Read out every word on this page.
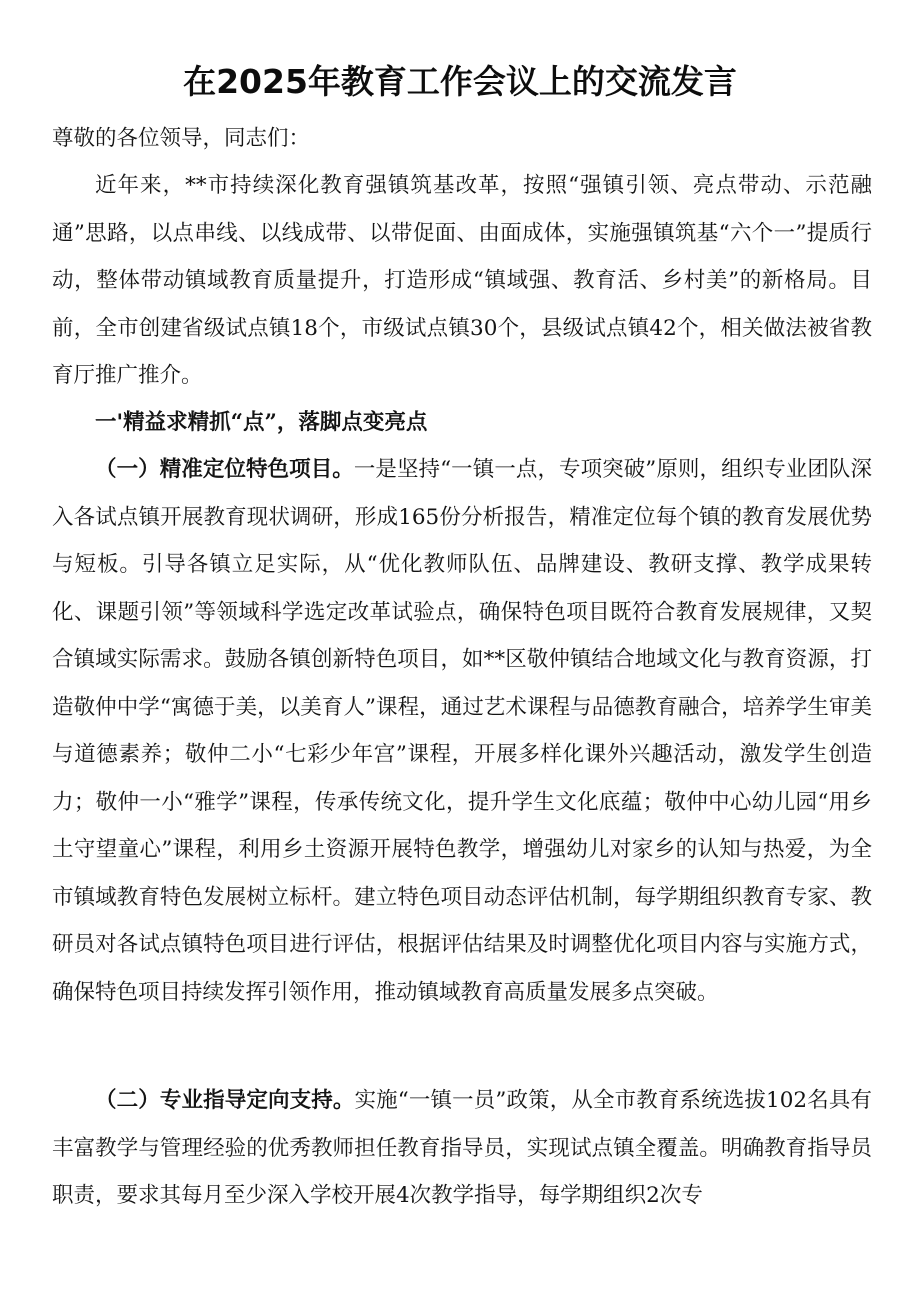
在2025年教育工作会议上的交流发言

尊敬的各位领导，同志们：

近年来，**市持续深化教育强镇筑基改革，按照“强镇引领、亮点带动、示范融通”思路，以点串线、以线成带、以带促面、由面成体，实施强镇筑基“六个一”提质行动，整体带动镇域教育质量提升，打造形成“镇域强、教育活、乡村美”的新格局。目前，全市创建省级试点镇18个，市级试点镇30个，县级试点镇42个，相关做法被省教育厅推广推介。

一'精益求精抓“点”，落脚点变亮点

（一）精准定位特色项目。一是坚持“一镇一点，专项突破”原则，组织专业团队深入各试点镇开展教育现状调研，形成165份分析报告，精准定位每个镇的教育发展优势与短板。引导各镇立足实际，从“优化教师队伍、品牌建设、教研支撑、教学成果转化、课题引领”等领域科学选定改革试验点，确保特色项目既符合教育发展规律，又契合镇域实际需求。鼓励各镇创新特色项目，如**区敬仲镇结合地域文化与教育资源，打造敬仲中学“寓德于美，以美育人”课程，通过艺术课程与品德教育融合，培养学生审美与道德素养；敬仲二小“七彩少年宫”课程，开展多样化课外兴趣活动，激发学生创造力；敬仲一小“雅学”课程，传承传统文化，提升学生文化底蕴；敬仲中心幼儿园“用乡土守望童心”课程，利用乡土资源开展特色教学，增强幼儿对家乡的认知与热爱，为全市镇域教育特色发展树立标杆。建立特色项目动态评估机制，每学期组织教育专家、教研员对各试点镇特色项目进行评估，根据评估结果及时调整优化项目内容与实施方式，确保特色项目持续发挥引领作用，推动镇域教育高质量发展多点突破。

（二）专业指导定向支持。实施“一镇一员”政策，从全市教育系统选拔102名具有丰富教学与管理经验的优秀教师担任教育指导员，实现试点镇全覆盖。明确教育指导员职责，要求其每月至少深入学校开展4次教学指导，每学期组织2次专
